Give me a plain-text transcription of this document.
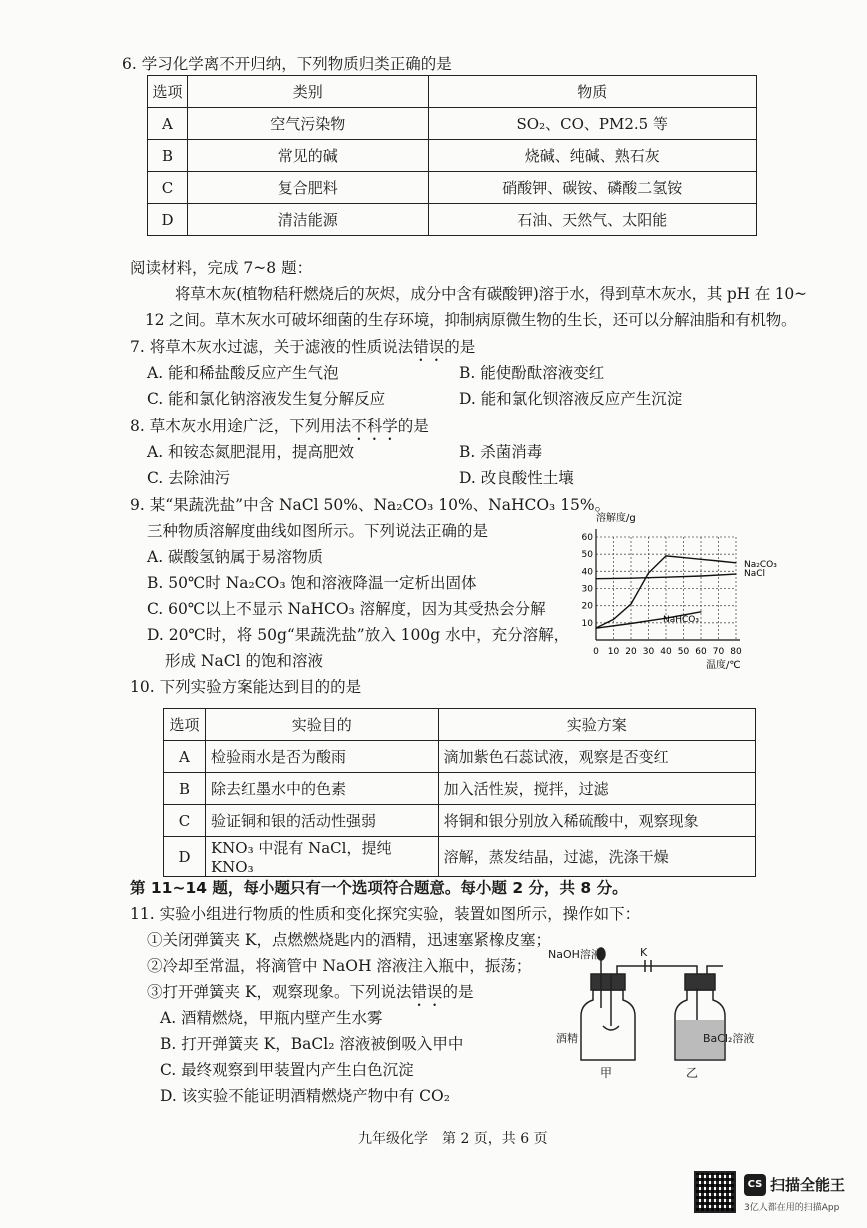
6. 学习化学离不开归纳，下列物质归类正确的是
选项	类别	物质
A	空气污染物	SO₂、CO、PM2.5 等
B	常见的碱	烧碱、纯碱、熟石灰
C	复合肥料	硝酸钾、碳铵、磷酸二氢铵
D	清洁能源	石油、天然气、太阳能
阅读材料，完成 7~8 题：
将草木灰(植物秸秆燃烧后的灰烬，成分中含有碳酸钾)溶于水，得到草木灰水，其 pH 在 10~
12 之间。草木灰水可破坏细菌的生存环境，抑制病原微生物的生长，还可以分解油脂和有机物。
7. 将草木灰水过滤，关于滤液的性质说法错误的是
A. 能和稀盐酸反应产生气泡	B. 能使酚酞溶液变红
C. 能和氯化钠溶液发生复分解反应	D. 能和氯化钡溶液反应产生沉淀
8. 草木灰水用途广泛，下列用法不科学的是
A. 和铵态氮肥混用，提高肥效	B. 杀菌消毒
C. 去除油污	D. 改良酸性土壤
9. 某“果蔬洗盐”中含 NaCl 50%、Na₂CO₃ 10%、NaHCO₃ 15%。
三种物质溶解度曲线如图所示。下列说法正确的是
A. 碳酸氢钠属于易溶物质
B. 50℃时 Na₂CO₃ 饱和溶液降温一定析出固体
C. 60℃以上不显示 NaHCO₃ 溶解度，因为其受热会分解
D. 20℃时，将 50g“果蔬洗盐”放入 100g 水中，充分溶解，
形成 NaCl 的饱和溶液	0 10 20 30 40 50 60 70 80
10
20
30
40
50
60
溶解度/g
温度/℃
Na₂CO₃
NaCl
NaHCO₃
10. 下列实验方案能达到目的的是
选项	实验目的	实验方案
A	检验雨水是否为酸雨	滴加紫色石蕊试液，观察是否变红
B	除去红墨水中的色素	加入活性炭，搅拌，过滤
C	验证铜和银的活动性强弱	将铜和银分别放入稀硫酸中，观察现象
D	KNO₃ 中混有 NaCl，提纯 KNO₃	溶解，蒸发结晶，过滤，洗涤干燥
第 11~14 题，每小题只有一个选项符合题意。每小题 2 分，共 8 分。
11. 实验小组进行物质的性质和变化探究实验，装置如图所示，操作如下：
①关闭弹簧夹 K，点燃燃烧匙内的酒精，迅速塞紧橡皮塞；
②冷却至常温，将滴管中 NaOH 溶液注入瓶中，振荡；
③打开弹簧夹 K，观察现象。下列说法错误的是
A. 酒精燃烧，甲瓶内壁产生水雾
B. 打开弹簧夹 K，BaCl₂ 溶液被倒吸入甲中
C. 最终观察到甲装置内产生白色沉淀
D. 该实验不能证明酒精燃烧产物中有 CO₂
NaOH溶液	K
酒精	BaCl₂溶液
甲	乙
九年级化学　第 2 页，共 6 页
CS 扫描全能王
3亿人都在用的扫描App
